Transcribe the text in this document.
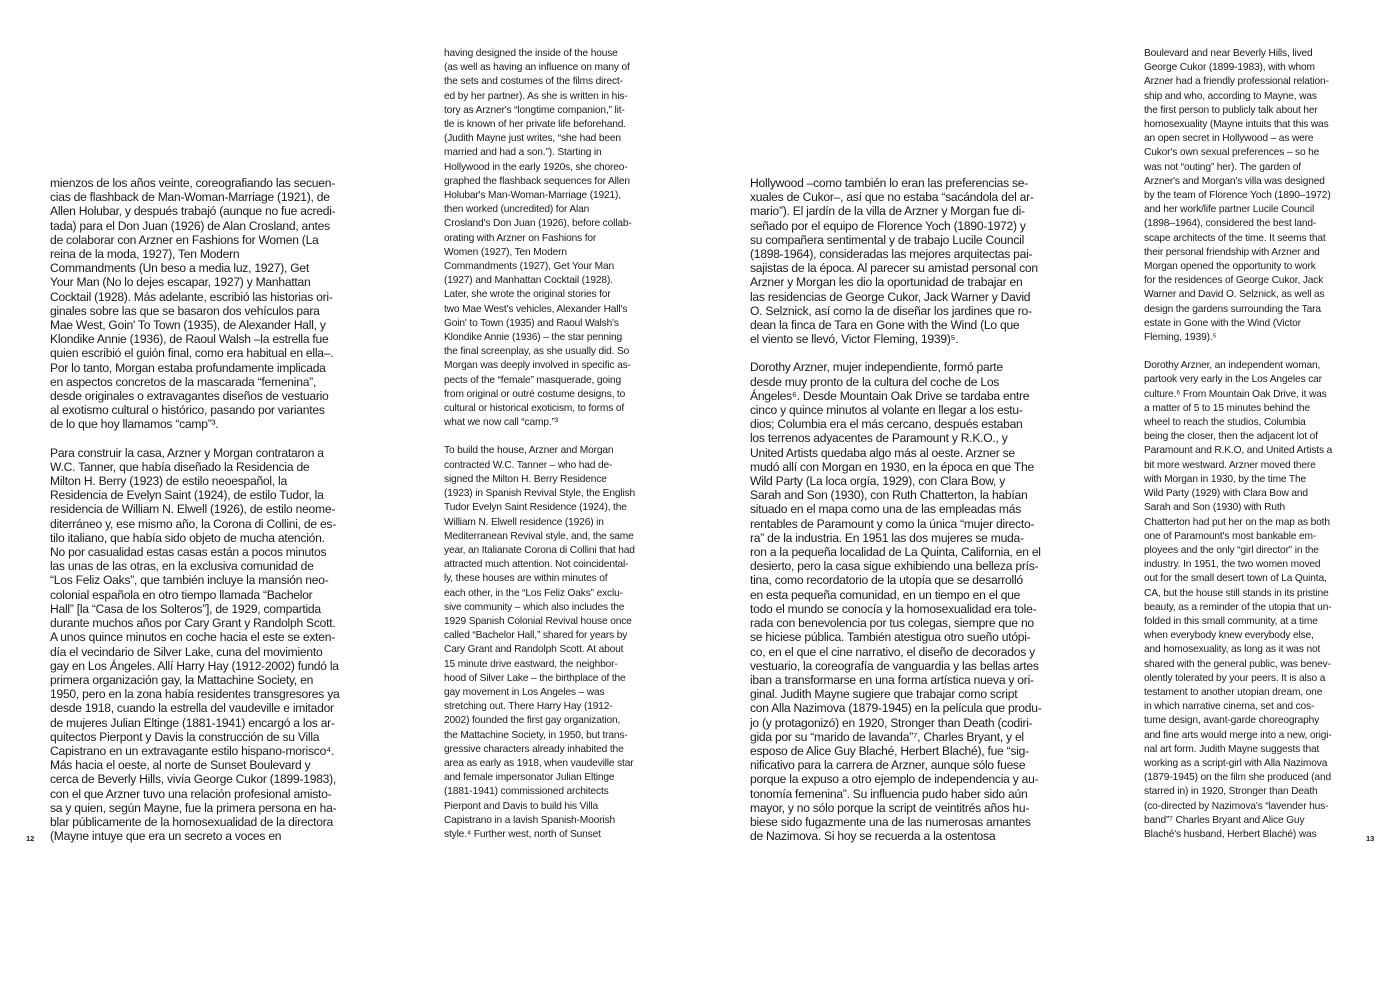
mienzos de los años veinte, coreografiando las secuen-
cias de flashback de Man-Woman-Marriage (1921), de
Allen Holubar, y después trabajó (aunque no fue acredi-
tada) para el Don Juan (1926) de Alan Crosland, antes
de colaborar con Arzner en Fashions for Women (La
reina de la moda, 1927), Ten Modern
Commandments (Un beso a media luz, 1927), Get
Your Man (No lo dejes escapar, 1927) y Manhattan
Cocktail (1928). Más adelante, escribió las historias ori-
ginales sobre las que se basaron dos vehículos para
Mae West, Goin' To Town (1935), de Alexander Hall, y
Klondike Annie (1936), de Raoul Walsh –la estrella fue
quien escribió el guión final, como era habitual en ella–.
Por lo tanto, Morgan estaba profundamente implicada
en aspectos concretos de la mascarada “femenina”,
desde originales o extravagantes diseños de vestuario
al exotismo cultural o histórico, pasando por variantes
de lo que hoy llamamos “camp”³.

Para construir la casa, Arzner y Morgan contrataron a
W.C. Tanner, que había diseñado la Residencia de
Milton H. Berry (1923) de estilo neoespañol, la
Residencia de Evelyn Saint (1924), de estilo Tudor, la
residencia de William N. Elwell (1926), de estilo neome-
diterráneo y, ese mismo año, la Corona di Collini, de es-
tilo italiano, que había sido objeto de mucha atención.
No por casualidad estas casas están a pocos minutos
las unas de las otras, en la exclusiva comunidad de
“Los Feliz Oaks”, que también incluye la mansión neo-
colonial española en otro tiempo llamada “Bachelor
Hall” [la “Casa de los Solteros”], de 1929, compartida
durante muchos años por Cary Grant y Randolph Scott.
A unos quince minutos en coche hacia el este se exten-
día el vecindario de Silver Lake, cuna del movimiento
gay en Los Ángeles. Allí Harry Hay (1912-2002) fundó la
primera organización gay, la Mattachine Society, en
1950, pero en la zona había residentes transgresores ya
desde 1918, cuando la estrella del vaudeville e imitador
de mujeres Julian Eltinge (1881-1941) encargó a los ar-
quitectos Pierpont y Davis la construcción de su Villa
Capistrano en un extravagante estilo hispano-morisco⁴.
Más hacia el oeste, al norte de Sunset Boulevard y
cerca de Beverly Hills, vivía George Cukor (1899-1983),
con el que Arzner tuvo una relación profesional amisto-
sa y quien, según Mayne, fue la primera persona en ha-
blar públicamente de la homosexualidad de la directora
(Mayne intuye que era un secreto a voces en

having designed the inside of the house
(as well as having an influence on many of
the sets and costumes of the films direct-
ed by her partner). As she is written in his-
tory as Arzner's “longtime companion,” lit-
tle is known of her private life beforehand.
(Judith Mayne just writes, “she had been
married and had a son.”). Starting in
Hollywood in the early 1920s, she choreo-
graphed the flashback sequences for Allen
Holubar's Man-Woman-Marriage (1921),
then worked (uncredited) for Alan
Crosland's Don Juan (1926), before collab-
orating with Arzner on Fashions for
Women (1927), Ten Modern
Commandments (1927), Get Your Man
(1927) and Manhattan Cocktail (1928).
Later, she wrote the original stories for
two Mae West's vehicles, Alexander Hall's
Goin' to Town (1935) and Raoul Walsh's
Klondike Annie (1936) – the star penning
the final screenplay, as she usually did. So
Morgan was deeply involved in specific as-
pects of the “female” masquerade, going
from original or outré costume designs, to
cultural or historical exoticism, to forms of
what we now call “camp.”³

To build the house, Arzner and Morgan
contracted W.C. Tanner – who had de-
signed the Milton H. Berry Residence
(1923) in Spanish Revival Style, the English
Tudor Evelyn Saint Residence (1924), the
William N. Elwell residence (1926) in
Mediterranean Revival style, and, the same
year, an Italianate Corona di Collini that had
attracted much attention. Not coincidental-
ly, these houses are within minutes of
each other, in the “Los Feliz Oaks” exclu-
sive community – which also includes the
1929 Spanish Colonial Revival house once
called “Bachelor Hall,” shared for years by
Cary Grant and Randolph Scott. At about
15 minute drive eastward, the neighbor-
hood of Silver Lake – the birthplace of the
gay movement in Los Angeles – was
stretching out. There Harry Hay (1912-
2002) founded the first gay organization,
the Mattachine Society, in 1950, but trans-
gressive characters already inhabited the
area as early as 1918, when vaudeville star
and female impersonator Julian Eltinge
(1881-1941) commissioned architects
Pierpont and Davis to build his Villa
Capistrano in a lavish Spanish-Moorish
style.⁴ Further west, north of Sunset

Hollywood –como también lo eran las preferencias se-
xuales de Cukor–, así que no estaba “sacándola del ar-
mario”). El jardín de la villa de Arzner y Morgan fue di-
señado por el equipo de Florence Yoch (1890-1972) y
su compañera sentimental y de trabajo Lucile Council
(1898-1964), consideradas las mejores arquitectas pai-
sajistas de la época. Al parecer su amistad personal con
Arzner y Morgan les dio la oportunidad de trabajar en
las residencias de George Cukor, Jack Warner y David
O. Selznick, así como la de diseñar los jardines que ro-
dean la finca de Tara en Gone with the Wind (Lo que
el viento se llevó, Victor Fleming, 1939)⁵.

Dorothy Arzner, mujer independiente, formó parte
desde muy pronto de la cultura del coche de Los
Ángeles⁶. Desde Mountain Oak Drive se tardaba entre
cinco y quince minutos al volante en llegar a los estu-
dios; Columbia era el más cercano, después estaban
los terrenos adyacentes de Paramount y R.K.O., y
United Artists quedaba algo más al oeste. Arzner se
mudó allí con Morgan en 1930, en la época en que The
Wild Party (La loca orgía, 1929), con Clara Bow, y
Sarah and Son (1930), con Ruth Chatterton, la habían
situado en el mapa como una de las empleadas más
rentables de Paramount y como la única “mujer directo-
ra” de la industria. En 1951 las dos mujeres se muda-
ron a la pequeña localidad de La Quinta, California, en el
desierto, pero la casa sigue exhibiendo una belleza prís-
tina, como recordatorio de la utopía que se desarrolló
en esta pequeña comunidad, en un tiempo en el que
todo el mundo se conocía y la homosexualidad era tole-
rada con benevolencia por tus colegas, siempre que no
se hiciese pública. También atestigua otro sueño utópi-
co, en el que el cine narrativo, el diseño de decorados y
vestuario, la coreografía de vanguardia y las bellas artes
iban a transformarse en una forma artística nueva y ori-
ginal. Judith Mayne sugiere que trabajar como script
con Alla Nazimova (1879-1945) en la película que produ-
jo (y protagonizó) en 1920, Stronger than Death (codiri-
gida por su “marido de lavanda”⁷, Charles Bryant, y el
esposo de Alice Guy Blaché, Herbert Blaché), fue “sig-
nificativo para la carrera de Arzner, aunque sólo fuese
porque la expuso a otro ejemplo de independencia y au-
tonomía femenina”. Su influencia pudo haber sido aún
mayor, y no sólo porque la script de veintitrés años hu-
biese sido fugazmente una de las numerosas amantes
de Nazimova. Si hoy se recuerda a la ostentosa

Boulevard and near Beverly Hills, lived
George Cukor (1899-1983), with whom
Arzner had a friendly professional relation-
ship and who, according to Mayne, was
the first person to publicly talk about her
homosexuality (Mayne intuits that this was
an open secret in Hollywood – as were
Cukor's own sexual preferences – so he
was not “outing” her). The garden of
Arzner's and Morgan's villa was designed
by the team of Florence Yoch (1890–1972)
and her work/life partner Lucile Council
(1898–1964), considered the best land-
scape architects of the time. It seems that
their personal friendship with Arzner and
Morgan opened the opportunity to work
for the residences of George Cukor, Jack
Warner and David O. Selznick, as well as
design the gardens surrounding the Tara
estate in Gone with the Wind (Victor
Fleming, 1939).⁵

Dorothy Arzner, an independent woman,
partook very early in the Los Angeles car
culture.⁶ From Mountain Oak Drive, it was
a matter of 5 to 15 minutes behind the
wheel to reach the studios, Columbia
being the closer, then the adjacent lot of
Paramount and R.K.O, and United Artists a
bit more westward. Arzner moved there
with Morgan in 1930, by the time The
Wild Party (1929) with Clara Bow and
Sarah and Son (1930) with Ruth
Chatterton had put her on the map as both
one of Paramount's most bankable em-
ployees and the only “girl director” in the
industry. In 1951, the two women moved
out for the small desert town of La Quinta,
CA, but the house still stands in its pristine
beauty, as a reminder of the utopia that un-
folded in this small community, at a time
when everybody knew everybody else,
and homosexuality, as long as it was not
shared with the general public, was benev-
olently tolerated by your peers. It is also a
testament to another utopian dream, one
in which narrative cinema, set and cos-
tume design, avant-garde choreography
and fine arts would merge into a new, origi-
nal art form. Judith Mayne suggests that
working as a script-girl with Alla Nazimova
(1879-1945) on the film she produced (and
starred in) in 1920, Stronger than Death
(co-directed by Nazimova's “lavender hus-
band”⁷ Charles Bryant and Alice Guy
Blaché's husband, Herbert Blaché) was

12	13
